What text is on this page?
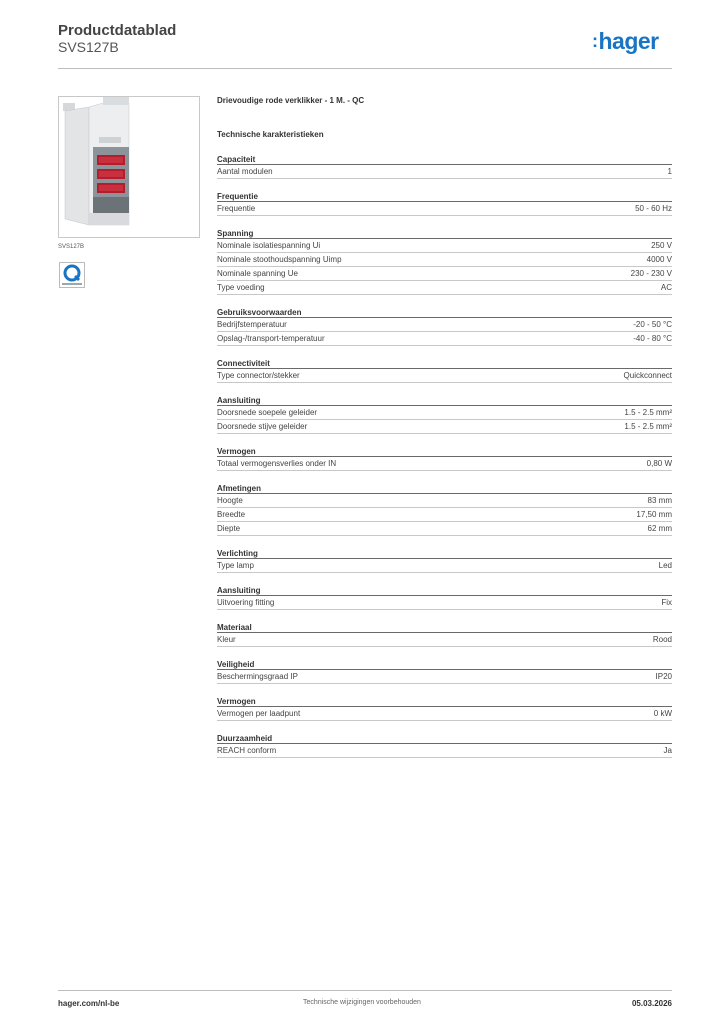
Productdatablad
SVS127B	:hager
SVS127B
Drievoudige rode verklikker - 1 M. - QC
Technische karakteristieken
Capaciteit
Aantal modulen	1
Frequentie
Frequentie	50 - 60 Hz
Spanning
Nominale isolatiespanning Ui	250 V
Nominale stoothoudspanning Uimp	4000 V
Nominale spanning Ue	230 - 230 V
Type voeding	AC
Gebruiksvoorwaarden
Bedrijfstemperatuur	-20 - 50 °C
Opslag-/transport-temperatuur	-40 - 80 °C
Connectiviteit
Type connector/stekker	Quickconnect
Aansluiting
Doorsnede soepele geleider	1.5 - 2.5 mm²
Doorsnede stijve geleider	1.5 - 2.5 mm²
Vermogen
Totaal vermogensverlies onder IN	0,80 W
Afmetingen
Hoogte	83 mm
Breedte	17,50 mm
Diepte	62 mm
Verlichting
Type lamp	Led
Aansluiting
Uitvoering fitting	Fix
Materiaal
Kleur	Rood
Veiligheid
Beschermingsgraad IP	IP20
Vermogen
Vermogen per laadpunt	0 kW
Duurzaamheid
REACH conform	Ja
hager.com/nl-be	Technische wijzigingen voorbehouden	05.03.2026
